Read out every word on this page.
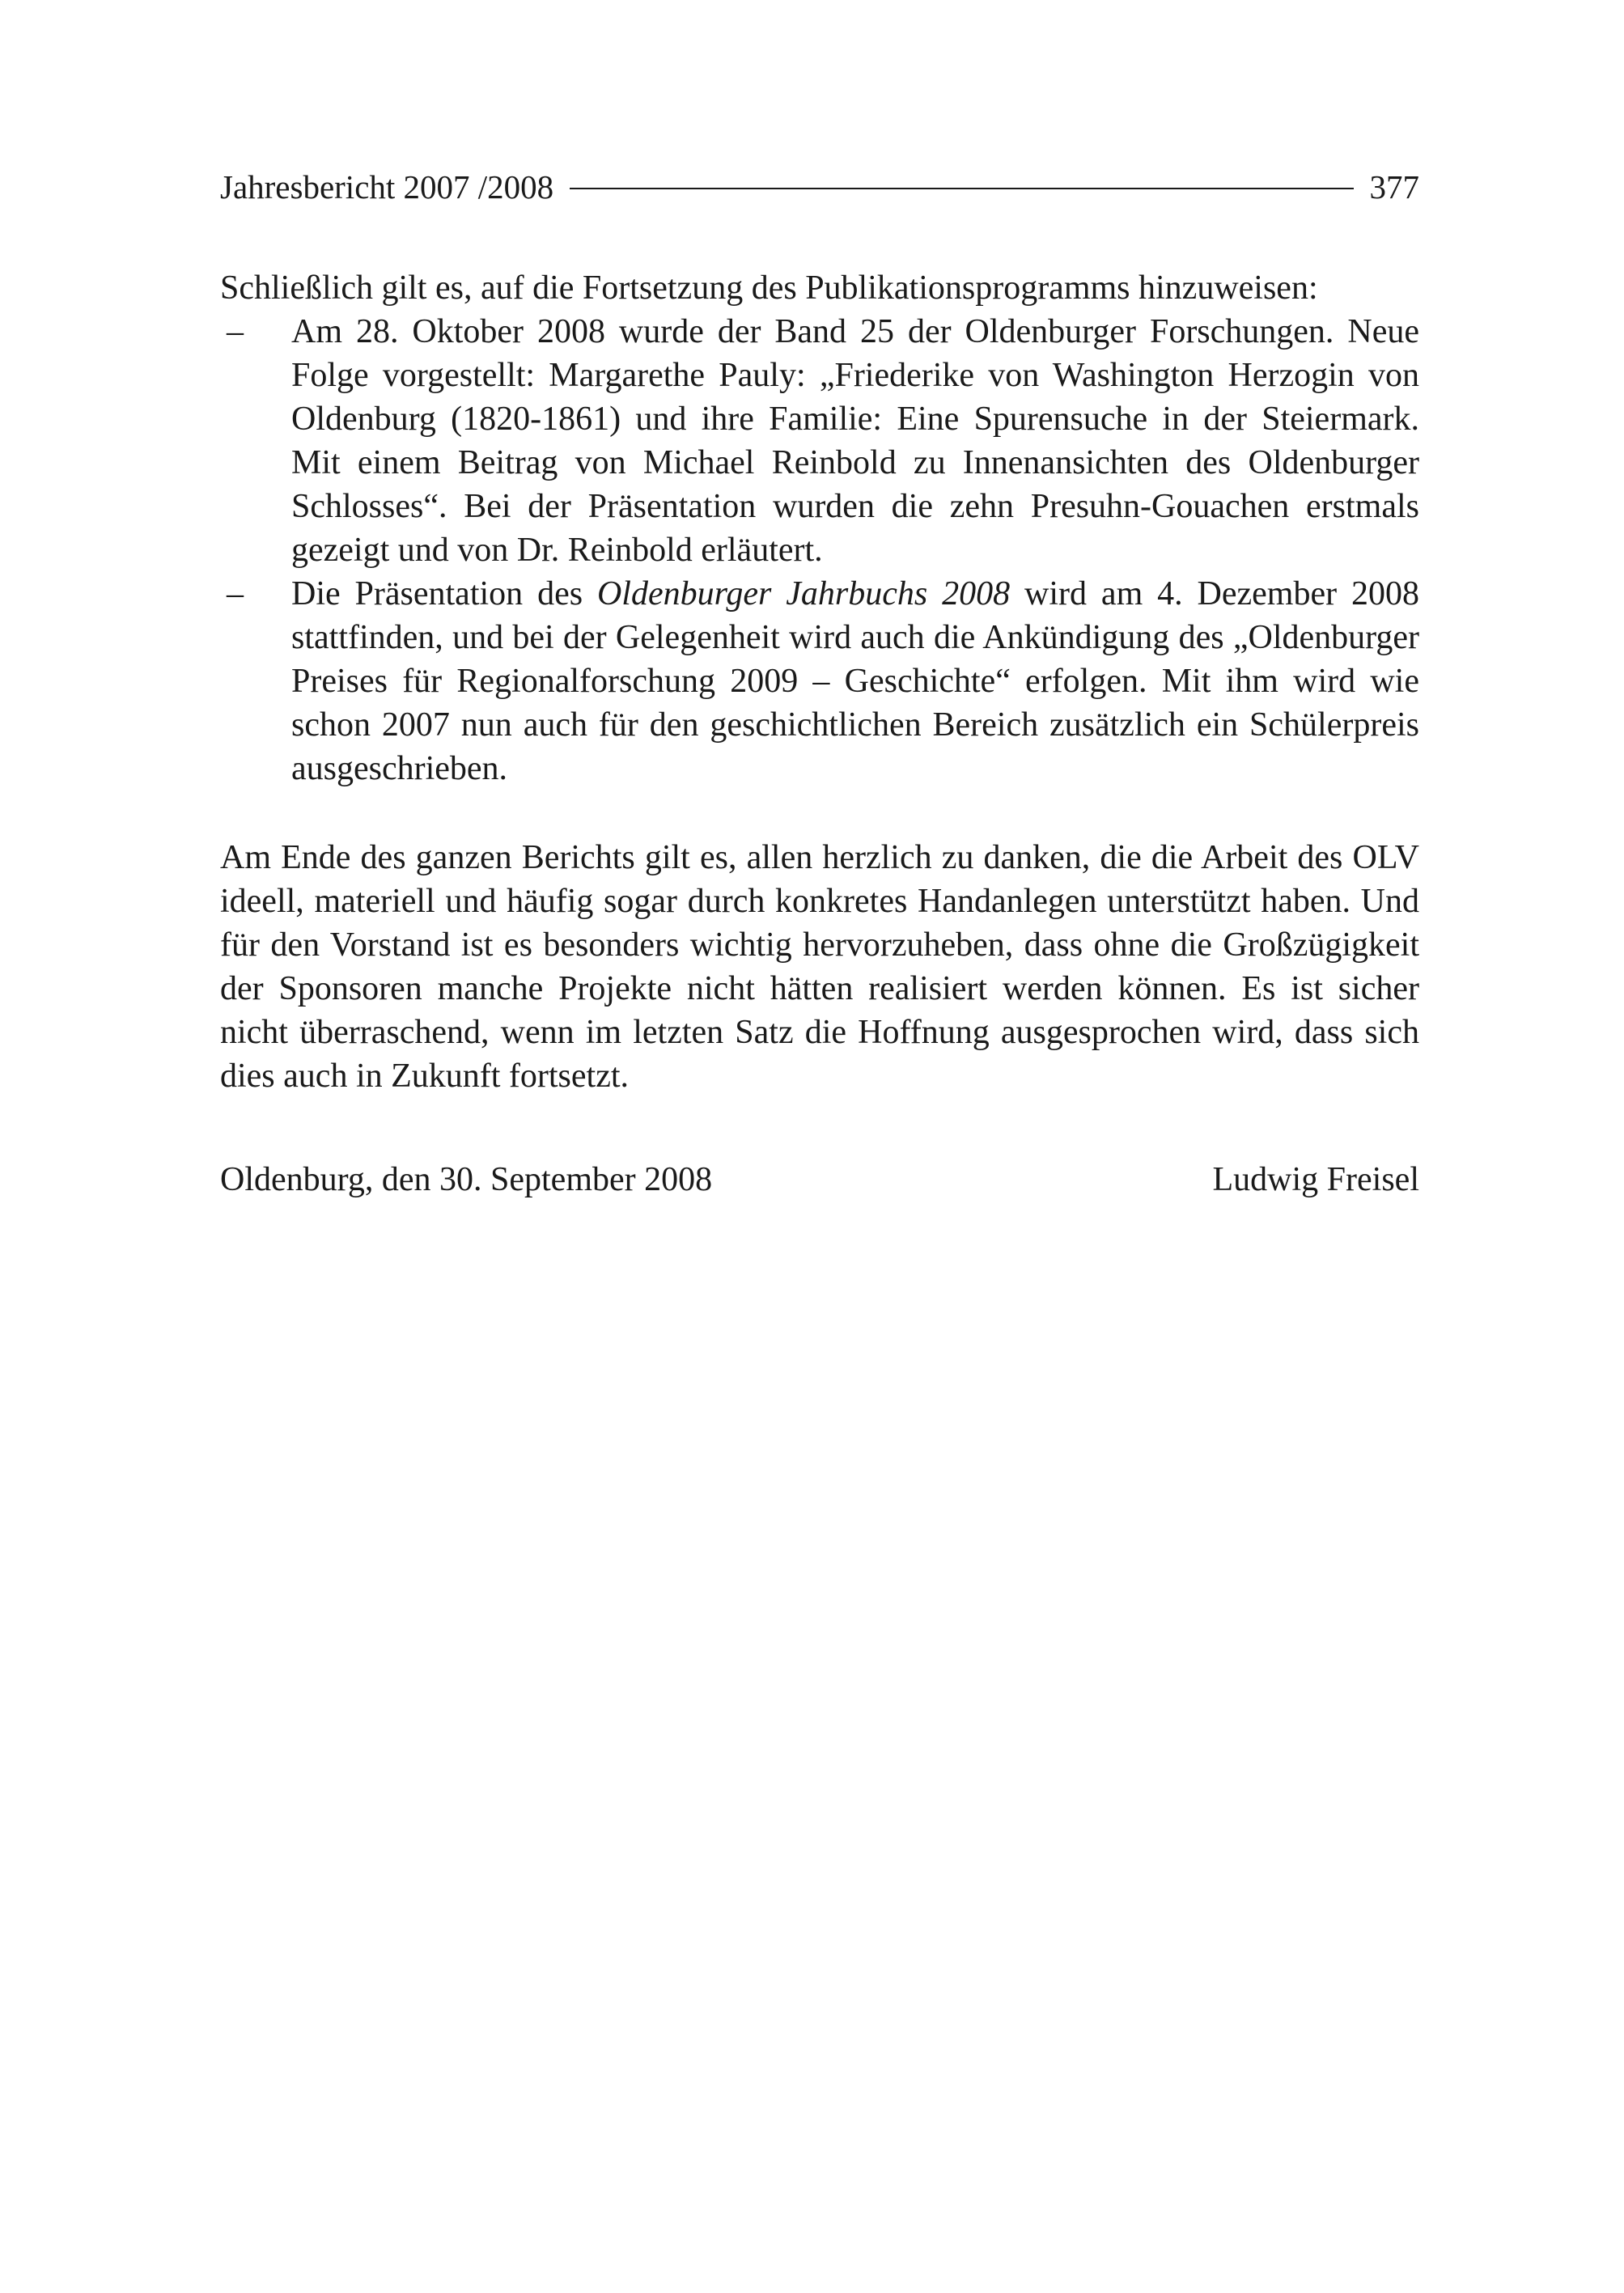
Jahresbericht 2007 /2008	377

Schließlich gilt es, auf die Fortsetzung des Publikationsprogramms hinzuweisen:

– Am 28. Oktober 2008 wurde der Band 25 der Oldenburger Forschungen. Neue Folge vorgestellt: Margarethe Pauly: „Friederike von Washington Herzogin von Oldenburg (1820-1861) und ihre Familie: Eine Spurensuche in der Steiermark. Mit einem Beitrag von Michael Reinbold zu Innenansichten des Oldenburger Schlosses“. Bei der Präsentation wurden die zehn Presuhn-Gouachen erstmals gezeigt und von Dr. Reinbold erläutert.
– Die Präsentation des Oldenburger Jahrbuchs 2008 wird am 4. Dezember 2008 stattfinden, und bei der Gelegenheit wird auch die Ankündigung des „Oldenburger Preises für Regionalforschung 2009 – Geschichte“ erfolgen. Mit ihm wird wie schon 2007 nun auch für den geschichtlichen Bereich zusätzlich ein Schülerpreis ausgeschrieben.

Am Ende des ganzen Berichts gilt es, allen herzlich zu danken, die die Arbeit des OLV ideell, materiell und häufig sogar durch konkretes Handanlegen unterstützt haben. Und für den Vorstand ist es besonders wichtig hervorzuheben, dass ohne die Großzügigkeit der Sponsoren manche Projekte nicht hätten realisiert werden können. Es ist sicher nicht überraschend, wenn im letzten Satz die Hoffnung ausgesprochen wird, dass sich dies auch in Zukunft fortsetzt.

Oldenburg, den 30. September 2008	Ludwig Freisel
